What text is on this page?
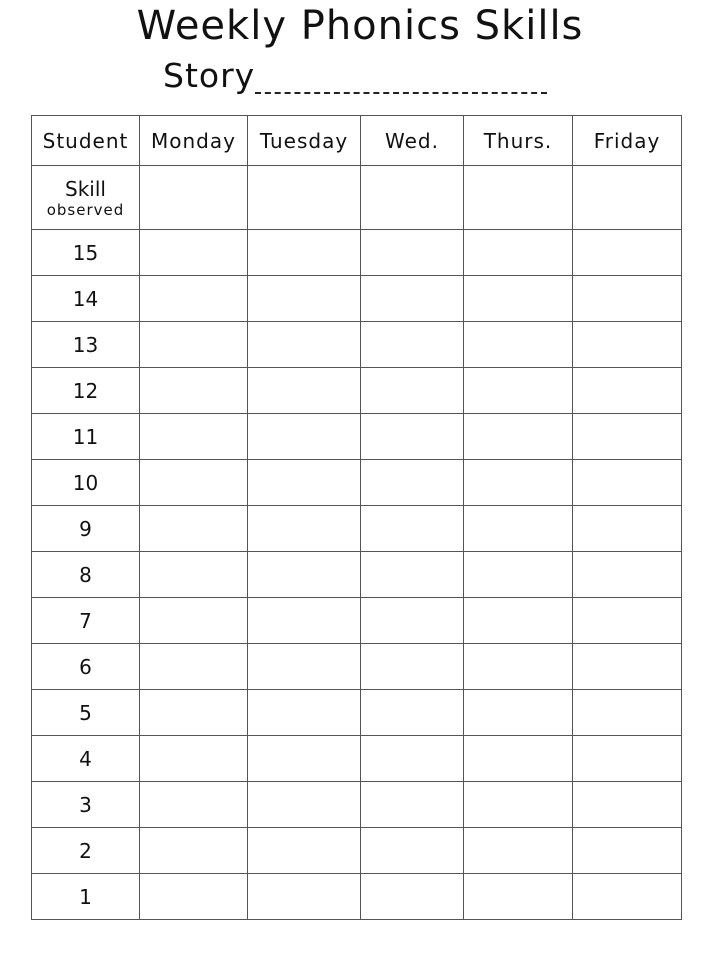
Weekly Phonics Skills
Story
Student	Monday	Tuesday	Wed.	Thurs.	Friday

Skill
observed					

15					
14					
13					
12					
11					
10					
9					
8					
7					
6					
5					
4					
3					
2					
1					
